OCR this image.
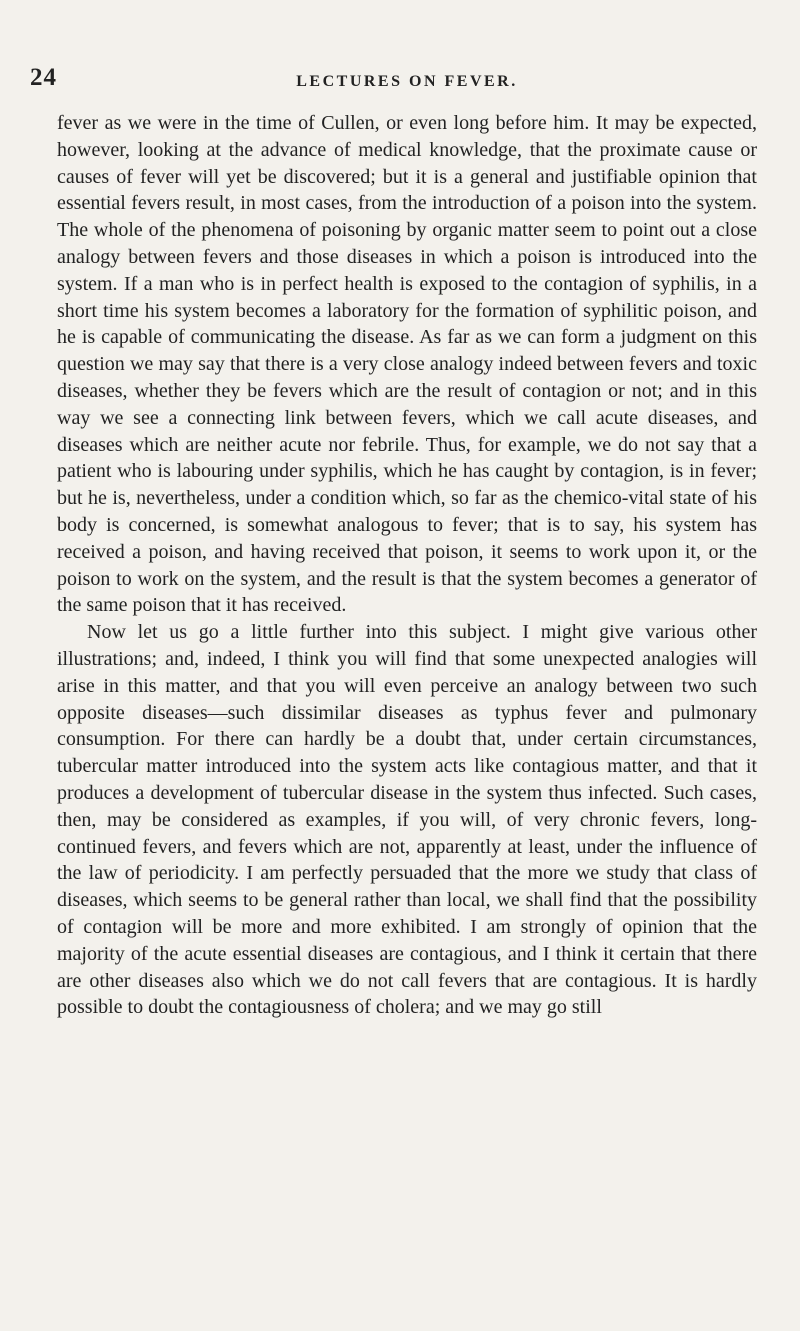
24	LECTURES ON FEVER.

fever as we were in the time of Cullen, or even long before him. It may be expected, however, looking at the advance of medical knowledge, that the proximate cause or causes of fever will yet be discovered; but it is a general and justifiable opinion that essential fevers result, in most cases, from the introduction of a poison into the system. The whole of the phenomena of poisoning by organic matter seem to point out a close analogy between fevers and those diseases in which a poison is introduced into the system. If a man who is in perfect health is exposed to the contagion of syphilis, in a short time his system becomes a laboratory for the formation of syphilitic poison, and he is capable of communicating the disease. As far as we can form a judgment on this question we may say that there is a very close analogy indeed between fevers and toxic diseases, whether they be fevers which are the result of contagion or not; and in this way we see a connecting link between fevers, which we call acute diseases, and diseases which are neither acute nor febrile. Thus, for example, we do not say that a patient who is labouring under syphilis, which he has caught by contagion, is in fever; but he is, nevertheless, under a condition which, so far as the chemico-vital state of his body is concerned, is somewhat analogous to fever; that is to say, his system has received a poison, and having received that poison, it seems to work upon it, or the poison to work on the system, and the result is that the system becomes a generator of the same poison that it has received.

Now let us go a little further into this subject. I might give various other illustrations; and, indeed, I think you will find that some unexpected analogies will arise in this matter, and that you will even perceive an analogy between two such opposite diseases—such dissimilar diseases as typhus fever and pulmonary consumption. For there can hardly be a doubt that, under certain circumstances, tubercular matter introduced into the system acts like contagious matter, and that it produces a development of tubercular disease in the system thus infected. Such cases, then, may be considered as examples, if you will, of very chronic fevers, long-continued fevers, and fevers which are not, apparently at least, under the influence of the law of periodicity. I am perfectly persuaded that the more we study that class of diseases, which seems to be general rather than local, we shall find that the possibility of contagion will be more and more exhibited. I am strongly of opinion that the majority of the acute essential diseases are contagious, and I think it certain that there are other diseases also which we do not call fevers that are contagious. It is hardly possible to doubt the contagiousness of cholera; and we may go still
